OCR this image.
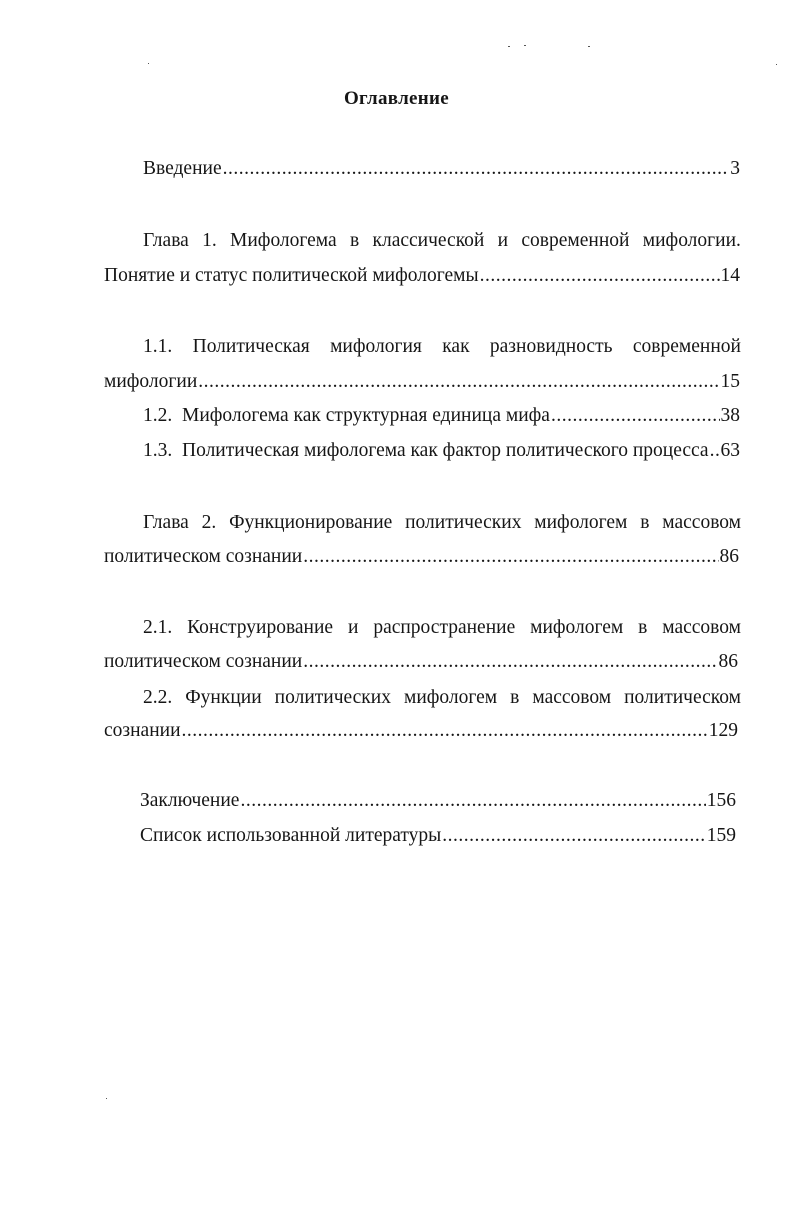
Оглавление
Введение .....	3
Глава 1. Мифологема в классической и современной мифологии.
Понятие и статус политической мифологемы .....	14
1.1. Политическая мифология как разновидность современной
мифологии .....	15
1.2.  Мифологема как структурная единица мифа .....	38
1.3.  Политическая мифологема как фактор политического процесса ..... 63
Глава 2. Функционирование политических мифологем в массовом
политическом сознании .....	86
2.1. Конструирование и распространение мифологем в массовом
политическом сознании .....	86
2.2. Функции политических мифологем в массовом политическом
сознании .....	129
Заключение .....	156
Список использованной литературы .....	159
